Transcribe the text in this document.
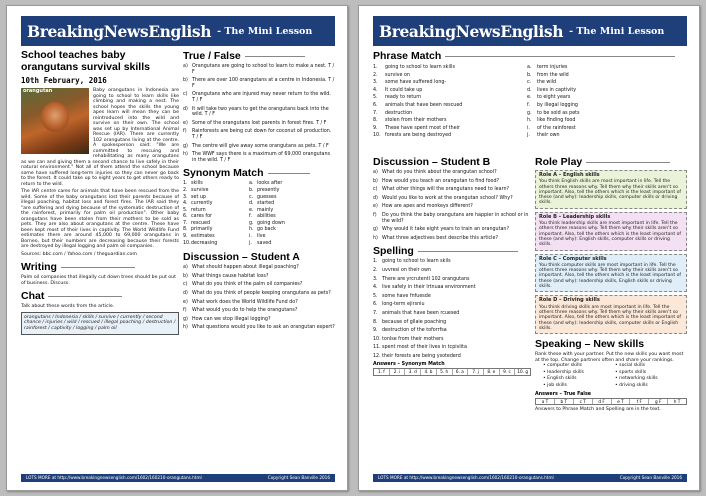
BreakingNewsEnglish - The Mini Lesson
School teaches baby orangutans survival skills
10th February, 2016
orangutan	Baby orangutans in Indonesia are going to school to learn skills like climbing and making a nest. The school hopes the skills the young apes learn will mean they can be reintroduced into the wild and survive on their own. The school was set up by International Animal Rescue (IAR). There are currently 102 orangutans living at the centre. A spokesperson said: "We are committed to rescuing and rehabilitating as many orangutans as we can and giving them a second chance to live safely in their natural environment." Not all of them attend the school because some have suffered long-term injuries so they can never go back to the forest. It could take up to eight years to get others ready to return to the wild.

The IAR centre cares for animals that have been rescued from the wild. Some of the baby orangutans lost their parents because of illegal poaching, habitat loss and forest fires. The IAR said they "are suffering and dying because of the systematic destruction of the rainforest, primarily for palm oil production". Other baby orangutans have been stolen from their mothers to be sold as pets. They are also about orangutans at the centre. These have been kept most of their lives in captivity. The World Wildlife Fund estimates there are around 45,000 to 69,000 orangutans in Borneo, but their numbers are decreasing because their forests are destroyed by illegal logging and palm oil companies.

Sources: bbc.com / Yahoo.com / theguardian.com

Writing
Palm oil companies that illegally cut down trees should be put out of business. Discuss.
Chat
Talk about these words from the article.
orangutans / Indonesia / skills / survive / currently / second chance / injuries / wild / rescued / illegal poaching / destruction / rainforest / captivity / logging / palm oil
True / False
a) Orangutans are going to school to learn to make a nest. T / F
b) There are over 100 orangutans at a centre in Indonesia. T / F
c) Orangutans who are injured may never return to the wild. T / F
d) It will take two years to get the orangutans back into the wild. T / F
e) Some of the orangutans lost parents in forest fires. T / F
f)	Rainforests are being cut down for coconut oil production. T / F
g) The centre will give away some orangutans as pets. T / F
h) The WWF says there is a maximum of 69,000 orangutans in the wild. T / F
Synonym Match
1. skills	a. looks after
2. survive	b. presently
3. set up	c. guesses
4. currently	d. started
5. return	e. mainly
6. cares for	f.	abilities
7. rescued	g. going down
8. primarily	h. go back
9. estimates	i.	live
10. decreasing	j.	saved
Discussion – Student A
a) What should happen about illegal poaching?
b) What things cause habitat loss?
c) What do you think of the palm oil companies?
d) What do you think of people keeping orangutans as pets?
e) What work does the World Wildlife Fund do?
f)	What would you do to help the orangutans?
g) How can we stop illegal logging?
h) What questions would you like to ask an orangutan expert?
LOTS MORE at http://www.breakingnewsenglish.com/1602/160210-orangutans.html	Copyright Sean Banville 2016
BreakingNewsEnglish - The Mini Lesson
Phrase Match
1.	going to school to learn skills	a.	term injuries
2.	survive on	b.	from the wild
3.	some have suffered long-	c.	the wild
4.	It could take up	d.	lives in captivity
5.	ready to return	e.	to eight years
6.	animals that have been rescued	f.	by illegal logging
7.	destruction	g.	to be sold as pets
8.	stolen from their mothers	h.	like finding food
9.	These have spent most of their	i.	of the rainforest
10. forests are being destroyed	j.	their own
Discussion – Student B
a) What do you think about the orangutan school?
b) How would you teach an orangutan to find food?
c) What other things will the orangutans need to learn?
d) Would you like to work at the orangutan school? Why?
e) How are apes and monkeys different?
f)	Do you think the baby orangutans are happier in school or in the wild?
g) Why would it take eight years to train an orangutan?
h) What three adjectives best describe this article?
Spelling
1. going to school to learn skils
2. uvvresi on their own
3. There are yrcrutentl 102 orangutans
4. live safely in their lrtnuaa environment
5. some have fnfuesde
6. long-term ejirsniu
7. animals that have been rcuesed
8. because of gllaie poaching
9. destruction of the toforrfsa
10. tonlse from their mothers
11. spent most of their lives in tcpiviita
12. their forests are being ysotederd
Answers – Synonym Match
1. f	2. i	3. d	4. b	5. h	6. a	7. j	8. e	9. c	10. g
Role Play
Role A – English skills
You think English skills are most important in life. Tell the others three reasons why. Tell them why their skills aren't so important. Also, tell the others which is the least important of these (and why): leadership skills, computer skills or driving skills.
Role B – Leadership skills
You think leadership skills are most important in life. Tell the others three reasons why. Tell them why their skills aren't so important. Also, tell the others which is the least important of these (and why): English skills, computer skills or driving skills.
Role C – Computer skills
You think computer skills are most important in life. Tell the others three reasons why. Tell them why their skills aren't so important. Also, tell the others which is the least important of these (and why): leadership skills, English skills or driving skills.
Role D – Driving skills
You think driving skills are most important in life. Tell the others three reasons why. Tell them why their skills aren't so important. Also, tell the others which is the least important of these (and why): leadership skills, computer skills or English skills.
Speaking – New skills
Rank these with your partner. Put the new skills you want most at the top. Change partners often and share your rankings.
• computer skills	• social skills
• leadership skills	• sports skills
• English skills	• networking skills
• job skills	• driving skills
Answers – True False
a T	b T	c T	d F	e T	f F	g F	h T
Answers to Phrase Match and Spelling are in the text.
LOTS MORE at http://www.breakingnewsenglish.com/1602/160210-orangutans.html	Copyright Sean Banville 2016
